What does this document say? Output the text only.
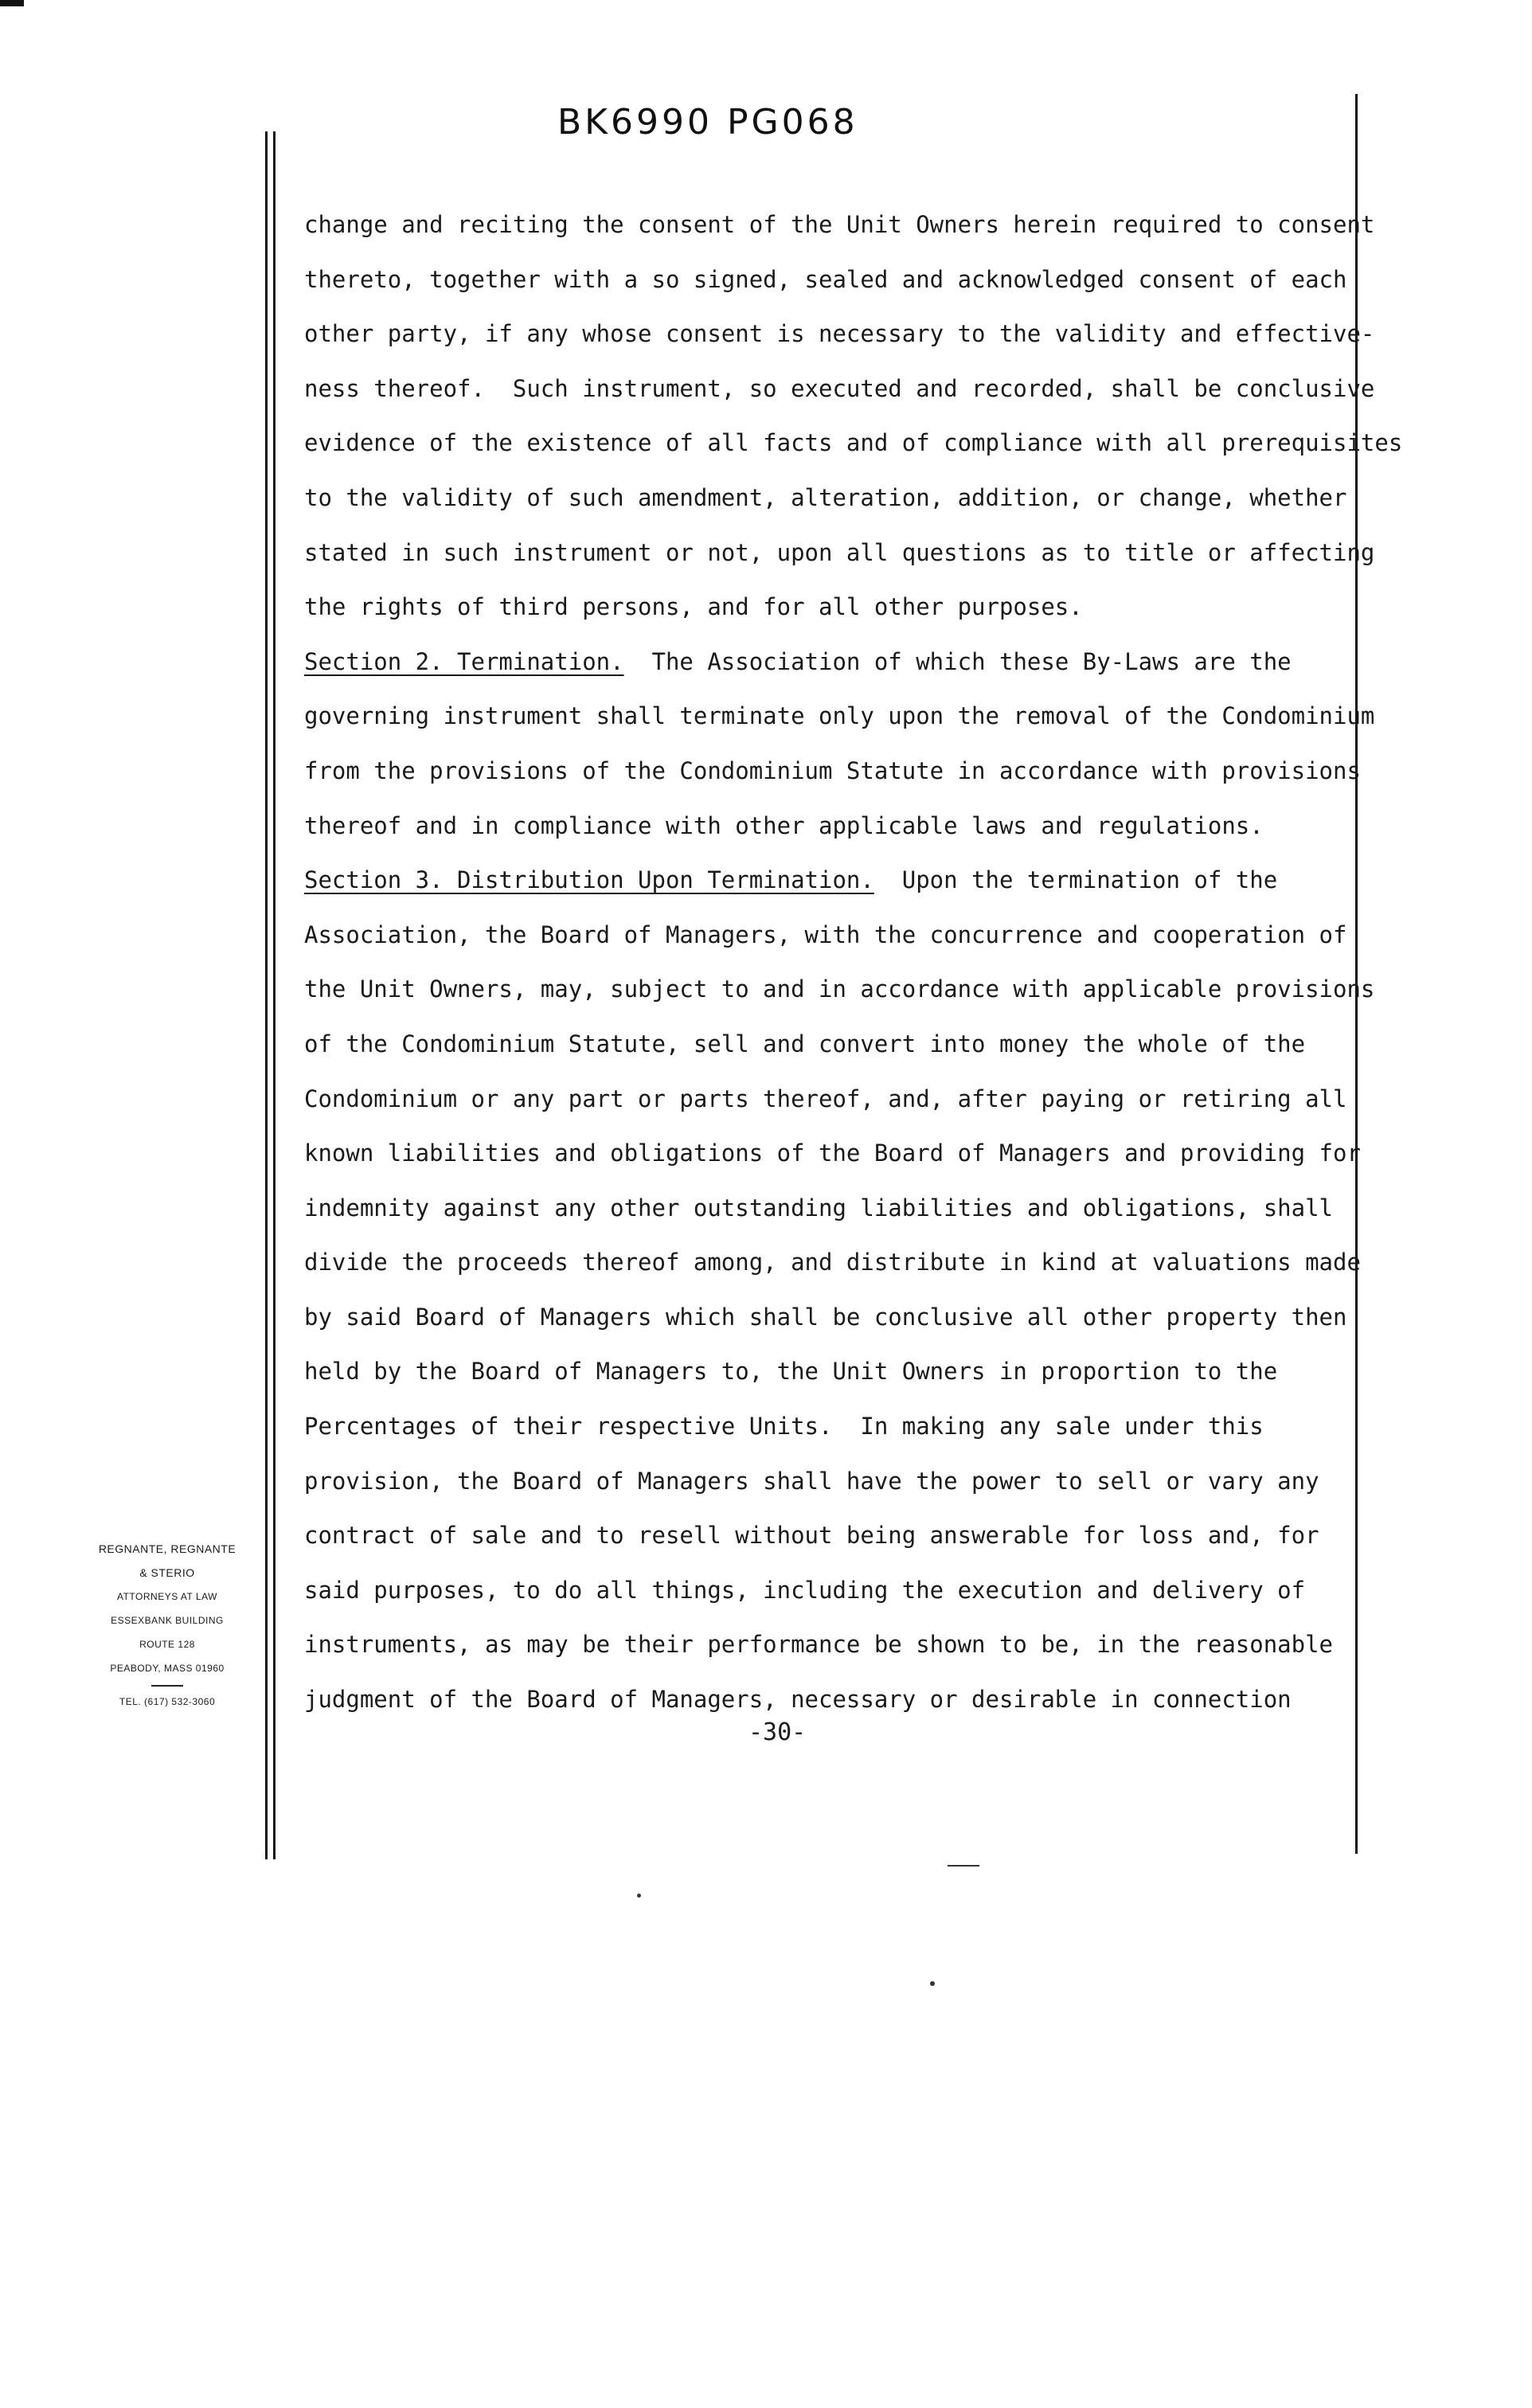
BK6990 PG068
change and reciting the consent of the Unit Owners herein required to consent
thereto, together with a so signed, sealed and acknowledged consent of each
other party, if any whose consent is necessary to the validity and effective-
ness thereof.  Such instrument, so executed and recorded, shall be conclusive
evidence of the existence of all facts and of compliance with all prerequisites
to the validity of such amendment, alteration, addition, or change, whether
stated in such instrument or not, upon all questions as to title or affecting
the rights of third persons, and for all other purposes.
Section 2. Termination.  The Association of which these By-Laws are the
governing instrument shall terminate only upon the removal of the Condominium
from the provisions of the Condominium Statute in accordance with provisions
thereof and in compliance with other applicable laws and regulations.
Section 3. Distribution Upon Termination.  Upon the termination of the
Association, the Board of Managers, with the concurrence and cooperation of
the Unit Owners, may, subject to and in accordance with applicable provisions
of the Condominium Statute, sell and convert into money the whole of the
Condominium or any part or parts thereof, and, after paying or retiring all
known liabilities and obligations of the Board of Managers and providing for
indemnity against any other outstanding liabilities and obligations, shall
divide the proceeds thereof among, and distribute in kind at valuations made
by said Board of Managers which shall be conclusive all other property then
held by the Board of Managers to, the Unit Owners in proportion to the
Percentages of their respective Units.  In making any sale under this
provision, the Board of Managers shall have the power to sell or vary any
contract of sale and to resell without being answerable for loss and, for
said purposes, to do all things, including the execution and delivery of
instruments, as may be their performance be shown to be, in the reasonable
judgment of the Board of Managers, necessary or desirable in connection
-30-
REGNANTE, REGNANTE
& STERIO
ATTORNEYS AT LAW
ESSEXBANK BUILDING
ROUTE 128
PEABODY, MASS 01960
TEL. (617) 532-3060
